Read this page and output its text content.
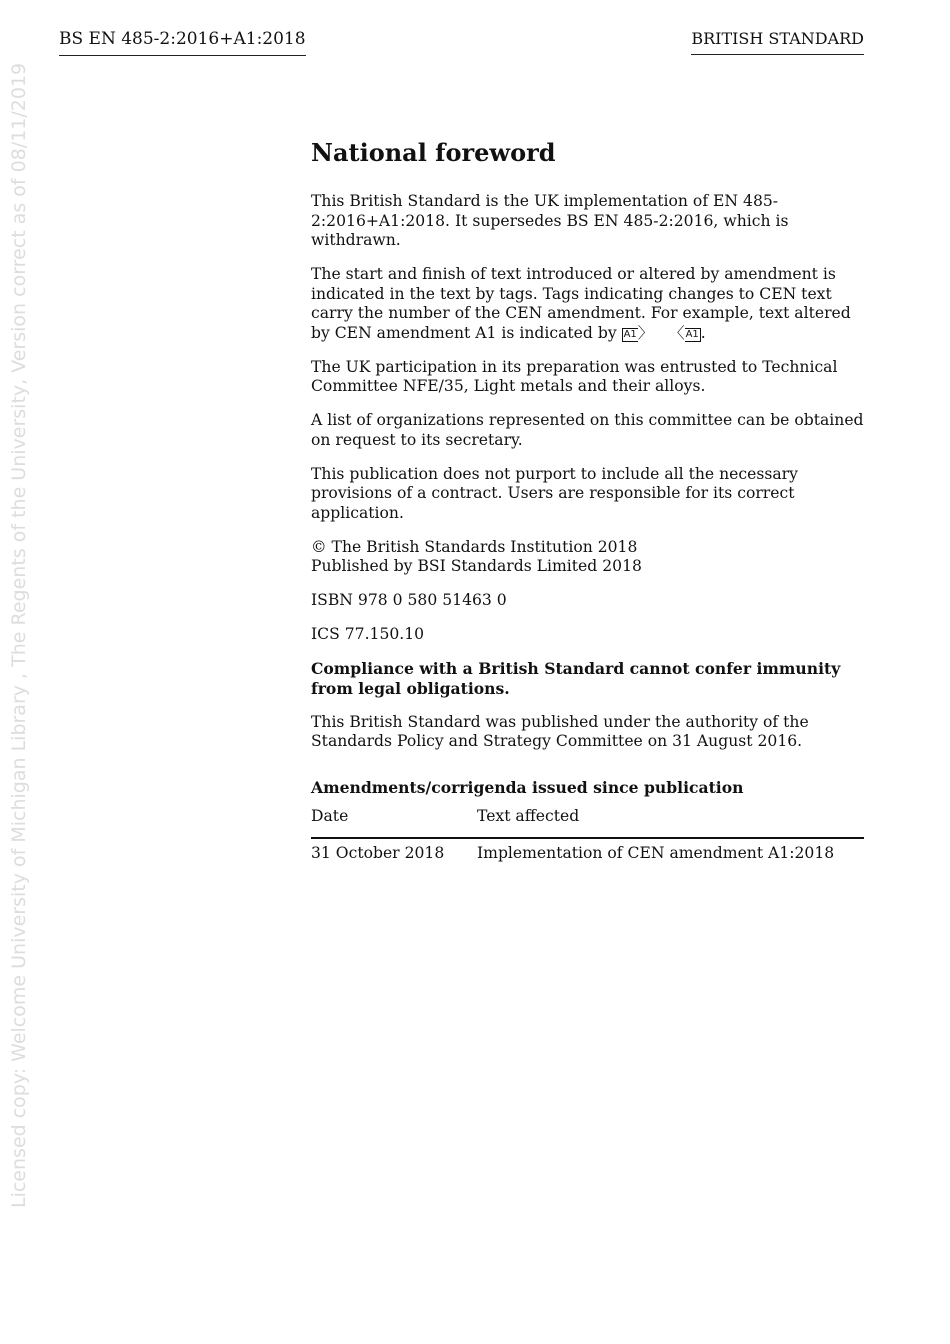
BS EN 485-2:2016+A1:2018	BRITISH STANDARD
Licensed copy: Welcome University of Michigan Library , The Regents of the University, Version correct as of 08/11/2019	National foreword

This British Standard is the UK implementation of EN 485-2:2016+A1:2018. It supersedes BS EN 485-2:2016, which is withdrawn.

The start and finish of text introduced or altered by amendment is indicated in the text by tags. Tags indicating changes to CEN text carry the number of the CEN amendment. For example, text altered by CEN amendment A1 is indicated by A1〉 〈A1 .

The UK participation in its preparation was entrusted to Technical Committee NFE/35, Light metals and their alloys.

A list of organizations represented on this committee can be obtained on request to its secretary.

This publication does not purport to include all the necessary provisions of a contract. Users are responsible for its correct application.

© The British Standards Institution 2018
Published by BSI Standards Limited 2018

ISBN 978 0 580 51463 0

ICS 77.150.10

Compliance with a British Standard cannot confer immunity from legal obligations.

This British Standard was published under the authority of the Standards Policy and Strategy Committee on 31 August 2016.

Amendments/corrigenda issued since publication
Date	Text affected
31 October 2018	Implementation of CEN amendment A1:2018
